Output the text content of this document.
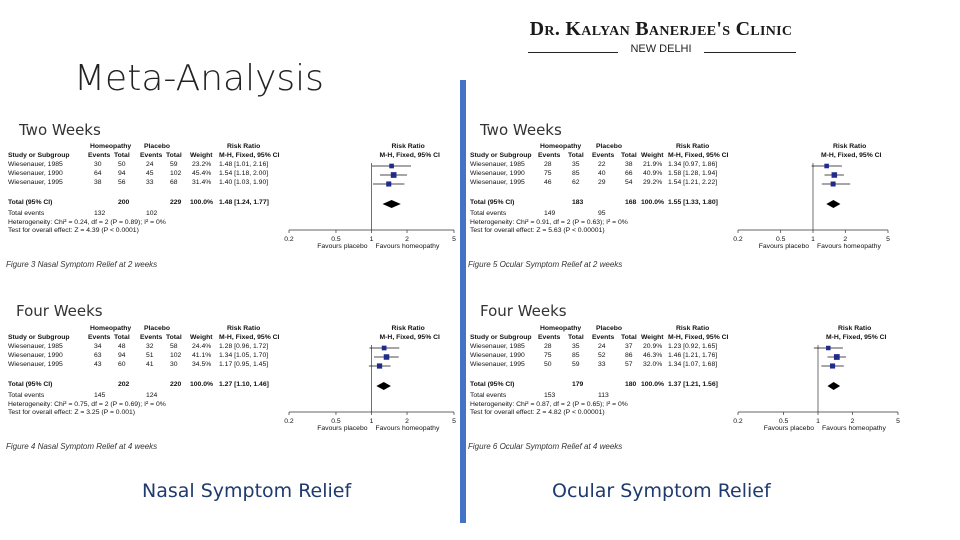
Meta-Analysis
Dr. Kalyan Banerjee's Clinic
NEW DELHI
Two Weeks	Two Weeks
Four Weeks	Four Weeks
Homeopathy Placebo	Risk Ratio	Risk Ratio
Study or Subgroup	Events Total Events Total Weight M-H, Fixed, 95% CI	M-H, Fixed, 95% CI
Wiesenauer, 1985	30 50	24 59 23.2% 1.48 [1.01, 2.16]
Wiesenauer, 1990	64 94	45 102 45.4% 1.54 [1.18, 2.00]
Wiesenauer, 1995	38 56	33 68 31.4% 1.40 [1.03, 1.90]
Total (95% CI)	200	229 100.0% 1.48 [1.24, 1.77]
Total events	132	102
Heterogeneity: Chi² = 0.24, df = 2 (P = 0.89); I² = 0%
Test for overall effect: Z = 4.39 (P < 0.0001)
Figure 3 Nasal Symptom Relief at 2 weeks
0.2	0.5	1	2	5
Favours placebo Favours homeopathy
Homeopathy Placebo	Risk Ratio	Risk Ratio
Study or Subgroup Events Total Events Total Weight M-H, Fixed, 95% CI	M-H, Fixed, 95% CI
Wiesenauer, 1985	28	35	22	38 21.9% 1.34 [0.97, 1.86]
Wiesenauer, 1990	75	85	40	66 40.9% 1.58 [1.28, 1.94]
Wiesenauer, 1995	46	62	29	54 29.2% 1.54 [1.21, 2.22]
Total (95% CI)	183	168 100.0% 1.55 [1.33, 1.80]
Total events	149	95
Heterogeneity: Chi² = 0.91, df = 2 (P = 0.63); I² = 0%
Test for overall effect: Z = 5.63 (P < 0.00001)
Figure 5 Ocular Symptom Relief at 2 weeks
0.2	0.5	1	2	5
Favours placebo Favours homeopathy
Homeopathy Placebo	Risk Ratio	Risk Ratio
Study or Subgroup	Events Total Events Total Weight M-H, Fixed, 95% CI	M-H, Fixed, 95% CI
Wiesenauer, 1985	34 48	32 58 24.4% 1.28 [0.96, 1.72]
Wiesenauer, 1990	63 94	51 102 41.1% 1.34 [1.05, 1.70]
Wiesenauer, 1995	43 60	41 30 34.5% 1.17 [0.95, 1.45]
Total (95% CI)	202	220 100.0% 1.27 [1.10, 1.46]
Total events	145	124
Heterogeneity: Chi² = 0.75, df = 2 (P = 0.69); I² = 0%
Test for overall effect: Z = 3.25 (P = 0.001)
Figure 4 Nasal Symptom Relief at 4 weeks
0.2	0.5	1	2	5
Favours placebo Favours homeopathy
Homeopathy Placebo	Risk Ratio	Risk Ratio
Study or Subgroup Events Total Events Total Weight M-H, Fixed, 95% CI	M-H, Fixed, 95% CI
Wiesenauer, 1985	28	35	24	37 20.9% 1.23 [0.92, 1.65]
Wiesenauer, 1990	75	85	52	86 46.3% 1.46 [1.21, 1.76]
Wiesenauer, 1995	50	59	33	57 32.0% 1.34 [1.07, 1.68]
Total (95% CI)	179	180 100.0% 1.37 [1.21, 1.56]
Total events	153	113
Heterogeneity: Chi² = 0.87, df = 2 (P = 0.65); I² = 0%
Test for overall effect: Z = 4.82 (P < 0.00001)
Figure 6 Ocular Symptom Relief at 4 weeks
0.2	0.5	1	2	5
Favours placebo Favours homeopathy
Nasal Symptom Relief	Ocular Symptom Relief
